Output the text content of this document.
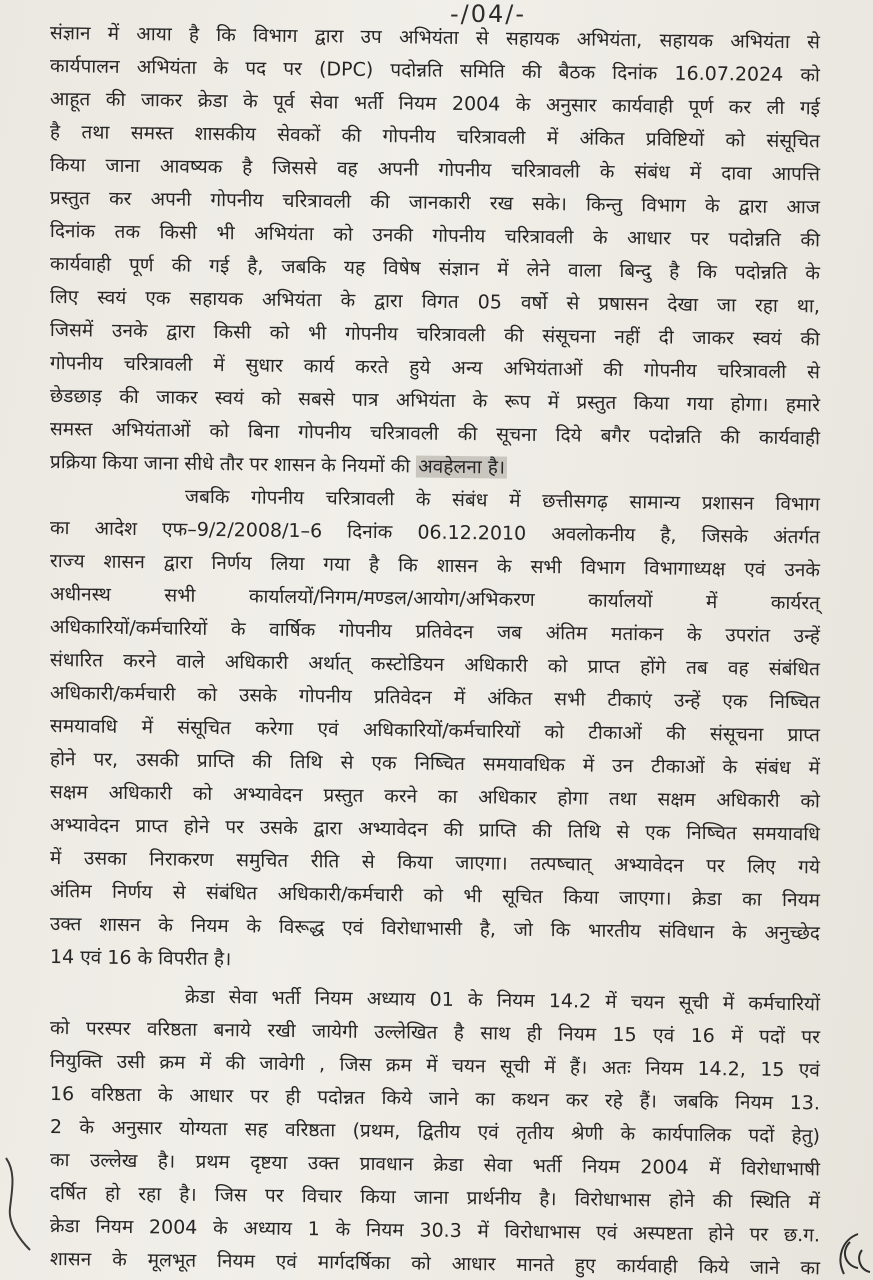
-/04/-
संज्ञान में आया है कि विभाग द्वारा उप अभियंता से सहायक अभियंता, सहायक अभियंता से
कार्यपालन अभियंता के पद पर (DPC) पदोन्नति समिति की बैठक दिनांक 16.07.2024 को
आहूत की जाकर क्रेडा के पूर्व सेवा भर्ती नियम 2004 के अनुसार कार्यवाही पूर्ण कर ली गई
है तथा समस्त शासकीय सेवकों की गोपनीय चरित्रावली में अंकित प्रविष्टियों को संसूचित
किया जाना आवष्यक है जिससे वह अपनी गोपनीय चरित्रावली के संबंध में दावा आपत्ति
प्रस्तुत कर अपनी गोपनीय चरित्रावली की जानकारी रख सके। किन्तु विभाग के द्वारा आज
दिनांक तक किसी भी अभियंता को उनकी गोपनीय चरित्रावली के आधार पर पदोन्नति की
कार्यवाही पूर्ण की गई है, जबकि यह विषेष संज्ञान में लेने वाला बिन्दु है कि पदोन्नति के
लिए स्वयं एक सहायक अभियंता के द्वारा विगत 05 वर्षो से प्रषासन देखा जा रहा था,
जिसमें उनके द्वारा किसी को भी गोपनीय चरित्रावली की संसूचना नहीं दी जाकर स्वयं की
गोपनीय चरित्रावली में सुधार कार्य करते हुये अन्य अभियंताओं की गोपनीय चरित्रावली से
छेडछाड़ की जाकर स्वयं को सबसे पात्र अभियंता के रूप में प्रस्तुत किया गया होगा। हमारे
समस्त अभियंताओं को बिना गोपनीय चरित्रावली की सूचना दिये बगैर पदोन्नति की कार्यवाही
प्रक्रिया किया जाना सीधे तौर पर शासन के नियमों की अवहेलना है।
जबकि गोपनीय चरित्रावली के संबंध में छत्तीसगढ़ सामान्य प्रशासन विभाग
का आदेश एफ–9/2/2008/1–6 दिनांक 06.12.2010 अवलोकनीय है, जिसके अंतर्गत
राज्य शासन द्वारा निर्णय लिया गया है कि शासन के सभी विभाग विभागाध्यक्ष एवं उनके
अधीनस्थ सभी कार्यालयों/निगम/मण्डल/आयोग/अभिकरण कार्यालयों में कार्यरत्
अधिकारियों/कर्मचारियों के वार्षिक गोपनीय प्रतिवेदन जब अंतिम मतांकन के उपरांत उन्हें
संधारित करने वाले अधिकारी अर्थात् कस्टोडियन अधिकारी को प्राप्त होंगे तब वह संबंधित
अधिकारी/कर्मचारी को उसके गोपनीय प्रतिवेदन में अंकित सभी टीकाएं उन्हें एक निष्चित
समयावधि में संसूचित करेगा एवं अधिकारियों/कर्मचारियों को टीकाओं की संसूचना प्राप्त
होने पर, उसकी प्राप्ति की तिथि से एक निष्चित समयावधिक में उन टीकाओं के संबंध में
सक्षम अधिकारी को अभ्यावेदन प्रस्तुत करने का अधिकार होगा तथा सक्षम अधिकारी को
अभ्यावेदन प्राप्त होने पर उसके द्वारा अभ्यावेदन की प्राप्ति की तिथि से एक निष्चित समयावधि
में उसका निराकरण समुचित रीति से किया जाएगा। तत्पष्चात् अभ्यावेदन पर लिए गये
अंतिम निर्णय से संबंधित अधिकारी/कर्मचारी को भी सूचित किया जाएगा। क्रेडा का नियम
उक्त शासन के नियम के विरूद्ध एवं विरोधाभासी है, जो कि भारतीय संविधान के अनुच्छेद
14 एवं 16 के विपरीत है।
क्रेडा सेवा भर्ती नियम अध्याय 01 के नियम 14.2 में चयन सूची में कर्मचारियों
को परस्पर वरिष्ठता बनाये रखी जायेगी उल्लेखित है साथ ही नियम 15 एवं 16 में पदों पर
नियुक्ति उसी क्रम में की जावेगी , जिस क्रम में चयन सूची में हैं। अतः नियम 14.2, 15 एवं
16 वरिष्ठता के आधार पर ही पदोन्नत किये जाने का कथन कर रहे हैं। जबकि नियम 13.
2 के अनुसार योग्यता सह वरिष्ठता (प्रथम, द्वितीय एवं तृतीय श्रेणी के कार्यपालिक पदों हेतु)
का उल्लेख है। प्रथम दृष्टया उक्त प्रावधान क्रेडा सेवा भर्ती नियम 2004 में विरोधाभाषी
दर्षित हो रहा है। जिस पर विचार किया जाना प्रार्थनीय है। विरोधाभास होने की स्थिति में
क्रेडा नियम 2004 के अध्याय 1 के नियम 30.3 में विरोधाभास एवं अस्पष्टता होने पर छ.ग.
शासन के मूलभूत नियम एवं मार्गदर्षिका को आधार मानते हुए कार्यवाही किये जाने का
